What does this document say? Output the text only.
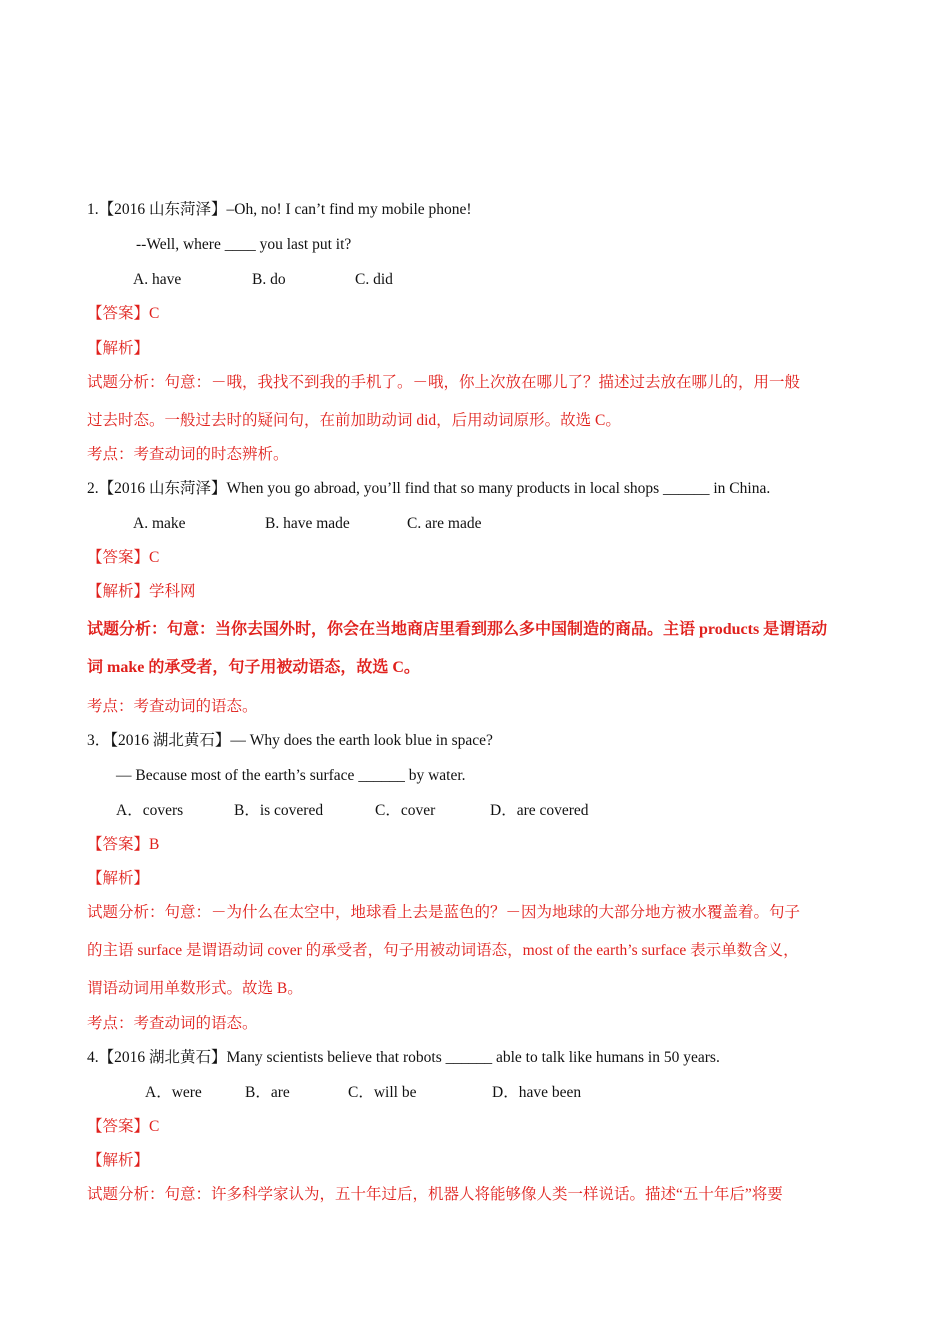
1.【2016 山东菏泽】–Oh, no! I can’t find my mobile phone!
--Well, where ____ you last put it?
A. have	B. do	C. did
【答案】C
【解析】
试题分析：句意：－哦，我找不到我的手机了。－哦，你上次放在哪儿了？描述过去放在哪儿的，用一般
过去时态。一般过去时的疑问句，在前加助动词 did，后用动词原形。故选 C。
考点：考查动词的时态辨析。
2.【2016 山东菏泽】When you go abroad, you’ll find that so many products in local shops ______ in China.
A. make	B. have made	C. are made
【答案】C
【解析】学科网
试题分析：句意：当你去国外时，你会在当地商店里看到那么多中国制造的商品。主语 products 是谓语动
词 make 的承受者，句子用被动语态，故选 C。
考点：考查动词的语态。
3．【2016 湖北黄石】— Why does the earth look blue in space?
— Because most of the earth’s surface ______ by water.
A．covers	B．is covered	C．cover	D．are covered
【答案】B
【解析】
试题分析：句意：－为什么在太空中，地球看上去是蓝色的？－因为地球的大部分地方被水覆盖着。句子
的主语 surface 是谓语动词 cover 的承受者，句子用被动词语态，most of the earth’s surface 表示单数含义，
谓语动词用单数形式。故选 B。
考点：考查动词的语态。
4.【2016 湖北黄石】Many scientists believe that robots ______ able to talk like humans in 50 years.
A．were	B．are	C．will be	D．have been
【答案】C
【解析】
试题分析：句意：许多科学家认为，五十年过后，机器人将能够像人类一样说话。描述“五十年后”将要
